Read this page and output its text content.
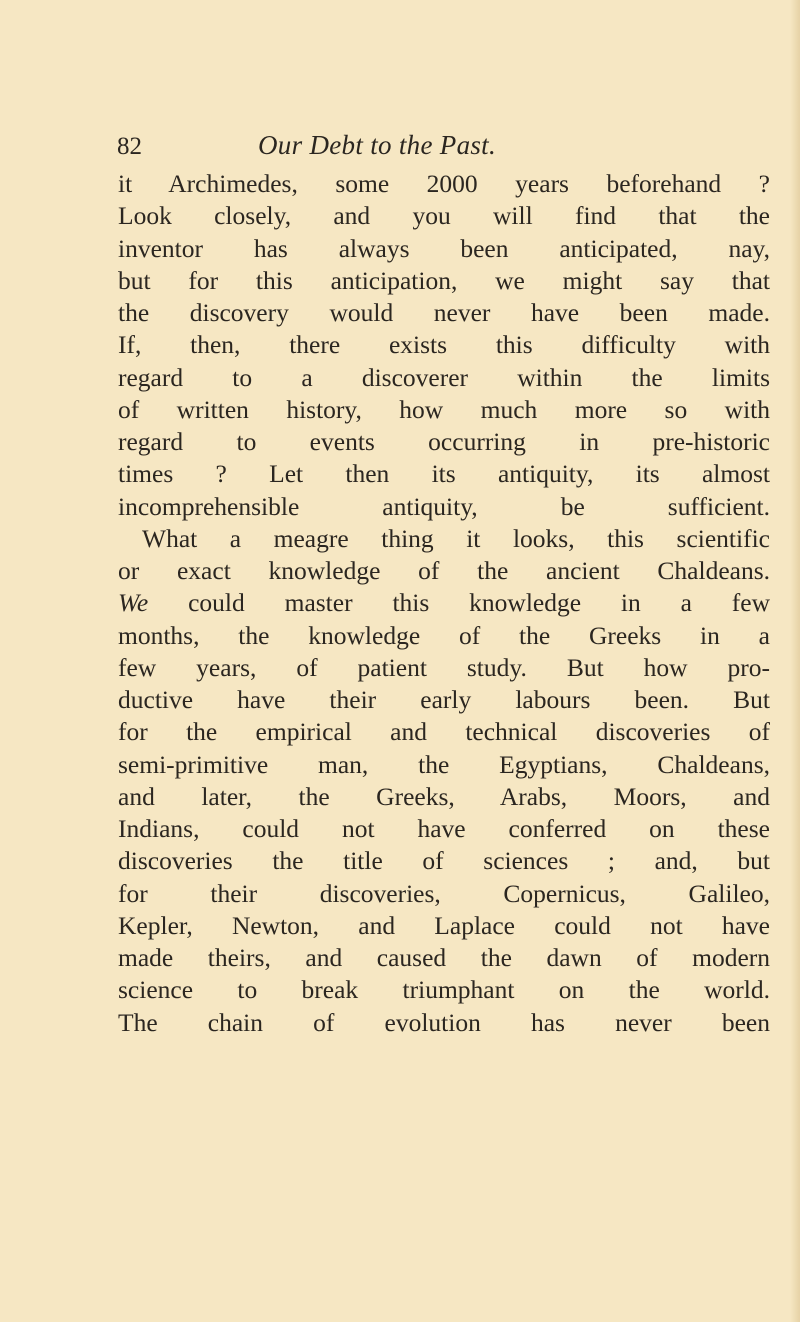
82	Our Debt to the Past.
it Archimedes, some 2000 years beforehand ?
Look closely, and you will find that the
inventor has always been anticipated, nay,
but for this anticipation, we might say that
the discovery would never have been made.
If, then, there exists this difficulty with
regard to a discoverer within the limits
of written history, how much more so with
regard to events occurring in pre-historic
times ? Let then its antiquity, its almost
incomprehensible antiquity, be sufficient.
What a meagre thing it looks, this scientific
or exact knowledge of the ancient Chaldeans.
We could master this knowledge in a few
months, the knowledge of the Greeks in a
few years, of patient study. But how pro-
ductive have their early labours been. But
for the empirical and technical discoveries of
semi-primitive man, the Egyptians, Chaldeans,
and later, the Greeks, Arabs, Moors, and
Indians, could not have conferred on these
discoveries the title of sciences ; and, but
for their discoveries, Copernicus, Galileo,
Kepler, Newton, and Laplace could not have
made theirs, and caused the dawn of modern
science to break triumphant on the world.
The chain of evolution has never been
